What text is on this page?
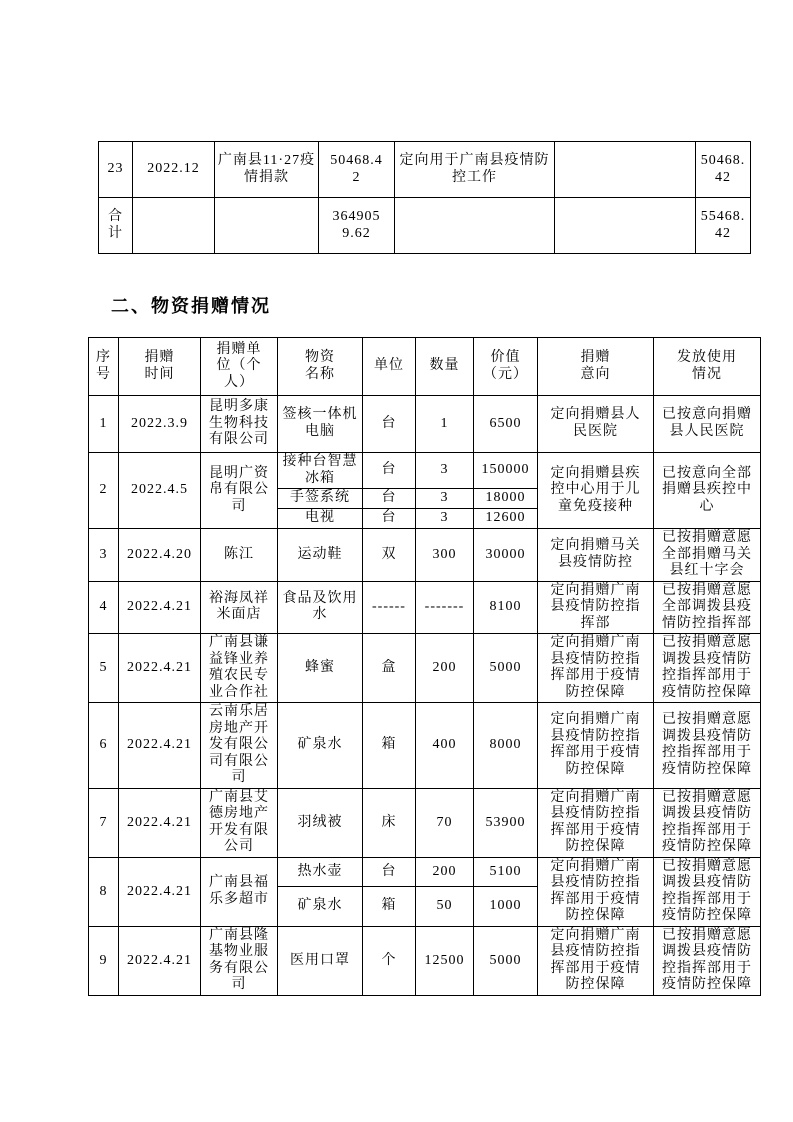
23	2022.12	广南县11·27疫情捐款	50468.42	定向用于广南县疫情防控工作		50468.42
合计			3649059.62			55468.42
二、物资捐赠情况
序号	捐赠时间	捐赠单位（个人）	物资名称	单位	数量	价值（元）	捐赠意向	发放使用情况
1	2022.3.9	昆明多康生物科技有限公司	签核一体机电脑	台	1	6500	定向捐赠县人民医院	已按意向捐赠县人民医院
2	2022.4.5	昆明广资帛有限公司	接种台智慧冰箱	台	3	150000	定向捐赠县疾控中心用于儿童免疫接种	已按意向全部捐赠县疾控中心
			手签系统	台	3	18000		
			电视	台	3	12600		
3	2022.4.20	陈江	运动鞋	双	300	30000	定向捐赠马关县疫情防控	已按捐赠意愿全部捐赠马关县红十字会
4	2022.4.21	裕海凤祥米面店	食品及饮用水	------	-------	8100	定向捐赠广南县疫情防控指挥部	已按捐赠意愿全部调拨县疫情防控指挥部
5	2022.4.21	广南县谦益锋业养殖农民专业合作社	蜂蜜	盒	200	5000	定向捐赠广南县疫情防控指挥部用于疫情防控保障	已按捐赠意愿调拨县疫情防控指挥部用于疫情防控保障
6	2022.4.21	云南乐居房地产开发有限公司有限公司	矿泉水	箱	400	8000	定向捐赠广南县疫情防控指挥部用于疫情防控保障	已按捐赠意愿调拨县疫情防控指挥部用于疫情防控保障
7	2022.4.21	广南县艾德房地产开发有限公司	羽绒被	床	70	53900	定向捐赠广南县疫情防控指挥部用于疫情防控保障	已按捐赠意愿调拨县疫情防控指挥部用于疫情防控保障
8	2022.4.21	广南县福乐多超市	热水壶	台	200	5100	定向捐赠广南县疫情防控指挥部用于疫情防控保障	已按捐赠意愿调拨县疫情防控指挥部用于疫情防控保障
			矿泉水	箱	50	1000		
9	2022.4.21	广南县隆基物业服务有限公司	医用口罩	个	12500	5000	定向捐赠广南县疫情防控指挥部用于疫情防控保障	已按捐赠意愿调拨县疫情防控指挥部用于疫情防控保障
